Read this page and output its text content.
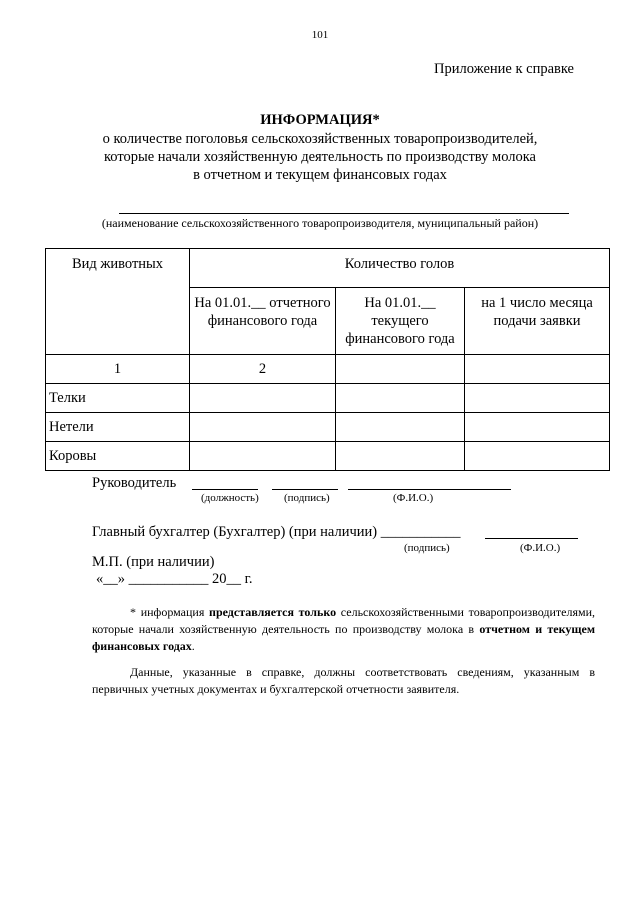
101
Приложение к справке
ИНФОРМАЦИЯ*
о количестве поголовья сельскохозяйственных товаропроизводителей,
которые начали хозяйственную деятельность по производству молока
в отчетном и текущем финансовых годах
(наименование сельскохозяйственного товаропроизводителя, муниципальный район)
Вид животных	Количество голов		
	На 01.01.__ отчетного финансового года	На 01.01.__ текущего финансового года	на 1 число месяца подачи заявки
1	2		
Телки			
Нетели			
Коровы			
Руководитель
(должность) (подпись)	(Ф.И.О.)
Главный бухгалтер (Бухгалтер) (при наличии) ___________
(подпись)	(Ф.И.О.)
М.П. (при наличии)
«__» ___________ 20__ г.
* информация представляется только сельскохозяйственными товаропроизводителями, которые начали хозяйственную деятельность по производству молока в отчетном и текущем финансовых годах.
Данные, указанные в справке, должны соответствовать сведениям, указанным в первичных учетных документах и бухгалтерской отчетности заявителя.
